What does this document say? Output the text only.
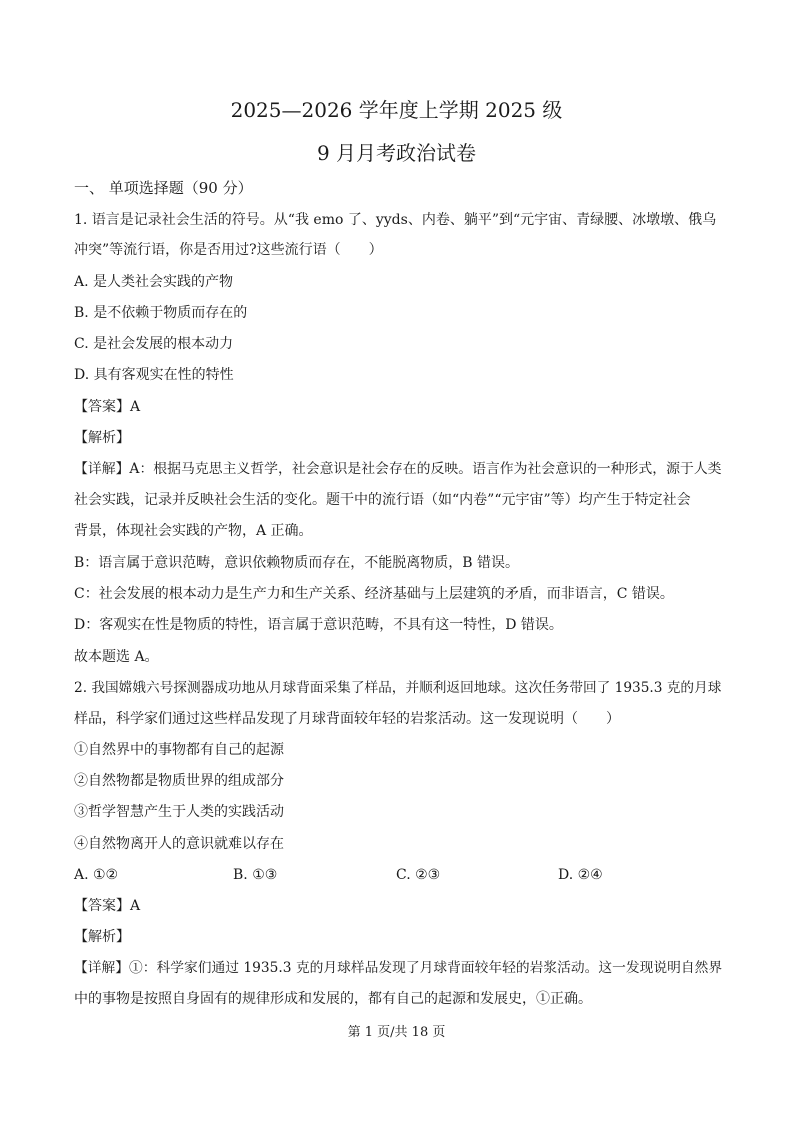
2025—2026 学年度上学期 2025 级
9 月月考政治试卷
一、 单项选择题（90 分）
1. 语言是记录社会生活的符号。从“我 emo 了、yyds、内卷、躺平”到“元宇宙、青绿腰、冰墩墩、俄乌
冲突”等流行语，你是否用过?这些流行语（　　）
A. 是人类社会实践的产物
B. 是不依赖于物质而存在的
C. 是社会发展的根本动力
D. 具有客观实在性的特性
【答案】A
【解析】
【详解】A：根据马克思主义哲学，社会意识是社会存在的反映。语言作为社会意识的一种形式，源于人类
社会实践，记录并反映社会生活的变化。题干中的流行语（如“内卷”“元宇宙”等）均产生于特定社会
背景，体现社会实践的产物，A 正确。
B：语言属于意识范畴，意识依赖物质而存在，不能脱离物质，B 错误。
C：社会发展的根本动力是生产力和生产关系、经济基础与上层建筑的矛盾，而非语言，C 错误。
D：客观实在性是物质的特性，语言属于意识范畴，不具有这一特性，D 错误。
故本题选 A。
2. 我国嫦娥六号探测器成功地从月球背面采集了样品，并顺利返回地球。这次任务带回了 1935.3 克的月球
样品，科学家们通过这些样品发现了月球背面较年轻的岩浆活动。这一发现说明（　　）
①自然界中的事物都有自己的起源
②自然物都是物质世界的组成部分
③哲学智慧产生于人类的实践活动
④自然物离开人的意识就难以存在
A. ①②	B. ①③	C. ②③	D. ②④
【答案】A
【解析】
【详解】①：科学家们通过 1935.3 克的月球样品发现了月球背面较年轻的岩浆活动。这一发现说明自然界
中的事物是按照自身固有的规律形成和发展的，都有自己的起源和发展史，①正确。
第 1 页/共 18 页
